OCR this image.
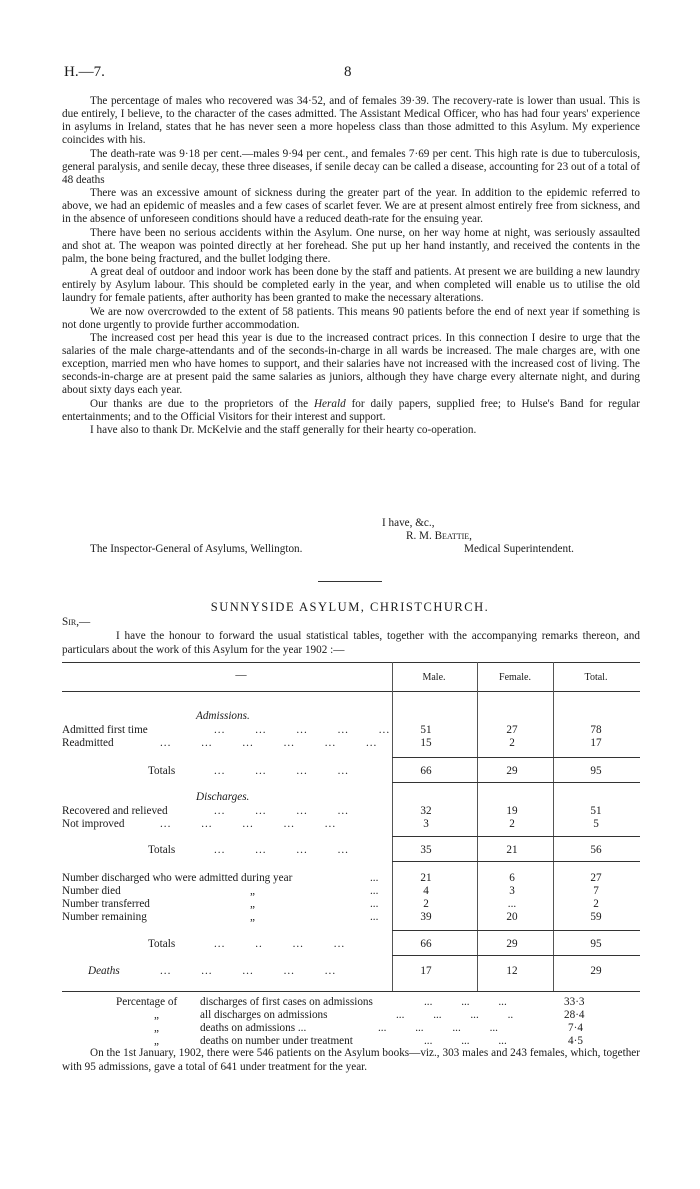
H.—7.	8

The percentage of males who recovered was 34·52, and of females 39·39. The recovery-rate is lower than usual. This is due entirely, I believe, to the character of the cases admitted. The Assistant Medical Officer, who has had four years' experience in asylums in Ireland, states that he has never seen a more hopeless class than those admitted to this Asylum. My experience coincides with his.

The death-rate was 9·18 per cent.—males 9·94 per cent., and females 7·69 per cent. This high rate is due to tuberculosis, general paralysis, and senile decay, these three diseases, if senile decay can be called a disease, accounting for 23 out of a total of 48 deaths

There was an excessive amount of sickness during the greater part of the year. In addition to the epidemic referred to above, we had an epidemic of measles and a few cases of scarlet fever. We are at present almost entirely free from sickness, and in the absence of unforeseen conditions should have a reduced death-rate for the ensuing year.

There have been no serious accidents within the Asylum. One nurse, on her way home at night, was seriously assaulted and shot at. The weapon was pointed directly at her forehead. She put up her hand instantly, and received the contents in the palm, the bone being fractured, and the bullet lodging there.

A great deal of outdoor and indoor work has been done by the staff and patients. At present we are building a new laundry entirely by Asylum labour. This should be completed early in the year, and when completed will enable us to utilise the old laundry for female patients, after authority has been granted to make the necessary alterations.

We are now overcrowded to the extent of 58 patients. This means 90 patients before the end of next year if something is not done urgently to provide further accommodation.

The increased cost per head this year is due to the increased contract prices. In this connection I desire to urge that the salaries of the male charge-attendants and of the seconds-in-charge in all wards be increased. The male charges are, with one exception, married men who have homes to support, and their salaries have not increased with the increased cost of living. The seconds-in-charge are at present paid the same salaries as juniors, although they have charge every alternate night, and during about sixty days each year.

Our thanks are due to the proprietors of the Herald for daily papers, supplied free; to Hulse's Band for regular entertainments; and to the Official Visitors for their interest and support.

I have also to thank Dr. McKelvie and the staff generally for their hearty co-operation.

I have, &c.,
R. M. Beattie,
The Inspector-General of Asylums, Wellington.	Medical Superintendent.
SUNNYSIDE ASYLUM, CHRISTCHURCH.
Sir,—

I have the honour to forward the usual statistical tables, together with the accompanying remarks thereon, and particulars about the work of this Asylum for the year 1902 :—

—	Male.	Female.	Total.
Admissions.
Admitted first time	... ... ... ... ...	51	27	78
Readmitted	... ... ... ... ... ...	15	2	17
Totals	... ... ... ...	66	29	95
Discharges.
Recovered and relieved	... ... ... ...	32	19	51
Not improved	... ... ... ... ...	3	2	5
Totals	... ... ... ...	35	21	56
Number discharged who were admitted during year	...	21	6	27
Number died	„	...	4	3	7
Number transferred	„	...	2	...	2
Number remaining	„	...	39	20	59
Totals	... .. ... ...	66	29	95
Deaths	... ... ... ... ...	17	12	29
Percentage of discharges of first cases on admissions	... ... ...	33·3
„	all discharges on admissions	... ... ... ..	28·4
„	deaths on admissions ...	... ... ... ...	7·4
„	deaths on number under treatment	... ... ...	4·5

On the 1st January, 1902, there were 546 patients on the Asylum books—viz., 303 males and 243 females, which, together with 95 admissions, gave a total of 641 under treatment for the year.
